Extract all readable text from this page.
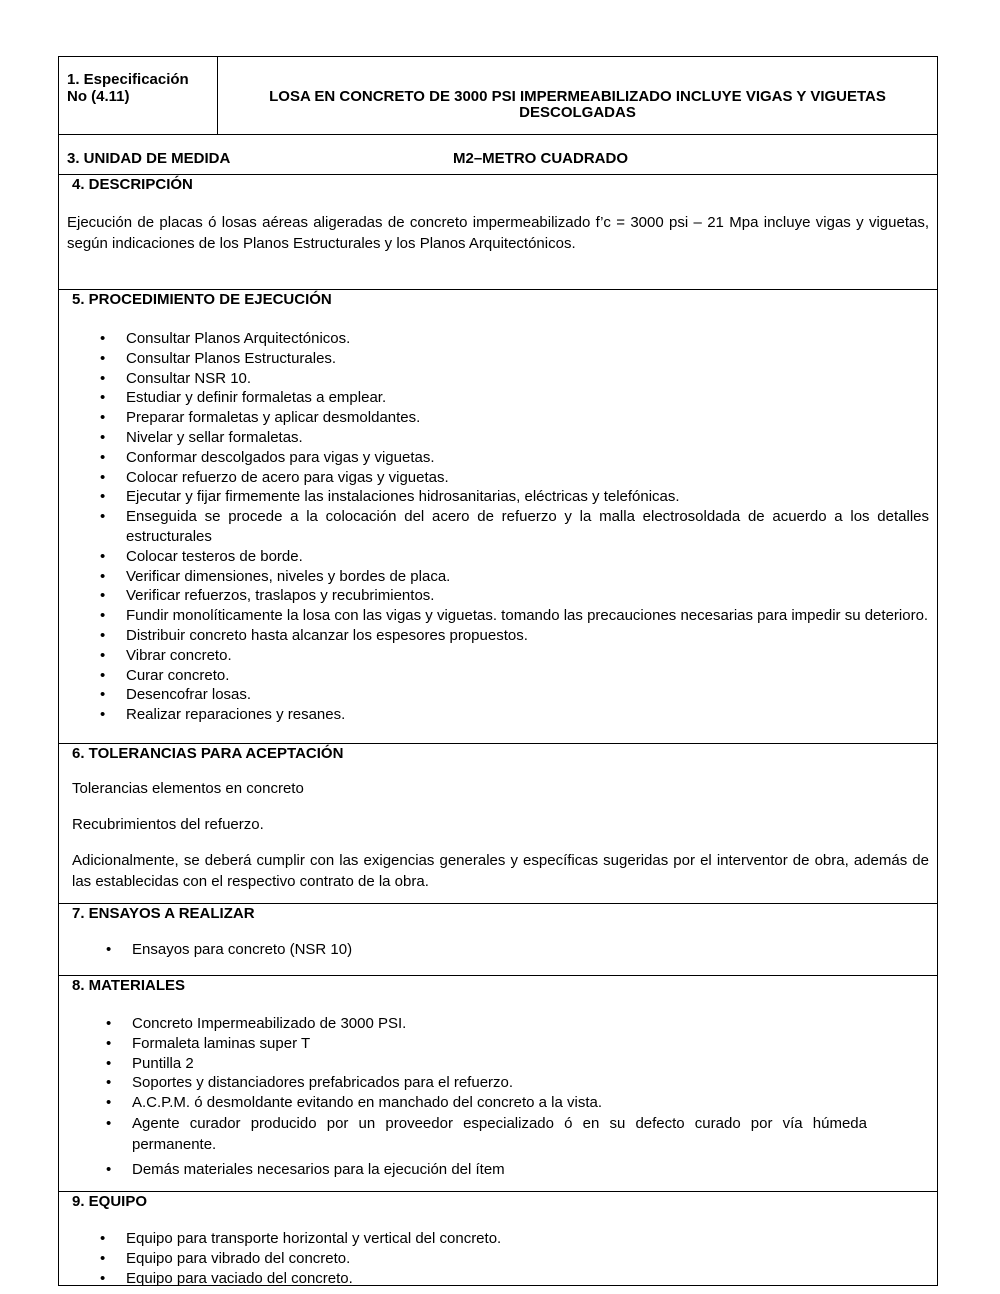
1. Especificación No (4.11)	LOSA EN CONCRETO DE 3000 PSI IMPERMEABILIZADO INCLUYE VIGAS Y VIGUETAS DESCOLGADAS
3. UNIDAD DE MEDIDA	M2–METRO CUADRADO
4. DESCRIPCIÓN
Ejecución de placas ó losas aéreas aligeradas de concreto impermeabilizado f’c = 3000 psi – 21 Mpa incluye vigas y viguetas, según indicaciones de los Planos Estructurales y los Planos Arquitectónicos.
5. PROCEDIMIENTO DE EJECUCIÓN
• Consultar Planos Arquitectónicos.
• Consultar Planos Estructurales.
• Consultar NSR 10.
• Estudiar y definir formaletas a emplear.
• Preparar formaletas y aplicar desmoldantes.
• Nivelar y sellar formaletas.
• Conformar descolgados para vigas y viguetas.
• Colocar refuerzo de acero para vigas y viguetas.
• Ejecutar y fijar firmemente las instalaciones hidrosanitarias, eléctricas y telefónicas.
• Enseguida se procede a la colocación del acero de refuerzo y la malla electrosoldada de acuerdo a los detalles estructurales
• Colocar testeros de borde.
• Verificar dimensiones, niveles y bordes de placa.
• Verificar refuerzos, traslapos y recubrimientos.
• Fundir monolíticamente la losa con las vigas y viguetas. tomando las precauciones necesarias para impedir su deterioro.
• Distribuir concreto hasta alcanzar los espesores propuestos.
• Vibrar concreto.
• Curar concreto.
• Desencofrar losas.
• Realizar reparaciones y resanes.
6. TOLERANCIAS PARA ACEPTACIÓN
Tolerancias elementos en concreto
Recubrimientos del refuerzo.
Adicionalmente, se deberá cumplir con las exigencias generales y específicas sugeridas por el interventor de obra, además de las establecidas con el respectivo contrato de la obra.
7. ENSAYOS A REALIZAR
• Ensayos para concreto (NSR 10)
8. MATERIALES
• Concreto Impermeabilizado de 3000 PSI.
• Formaleta laminas super T
• Puntilla 2
• Soportes y distanciadores prefabricados para el refuerzo.
• A.C.P.M. ó desmoldante evitando en manchado del concreto a la vista.
• Agente curador producido por un proveedor especializado ó en su defecto curado por vía húmeda permanente.
• Demás materiales necesarios para la ejecución del ítem
9. EQUIPO
• Equipo para transporte horizontal y vertical del concreto.
• Equipo para vibrado del concreto.
• Equipo para vaciado del concreto.
